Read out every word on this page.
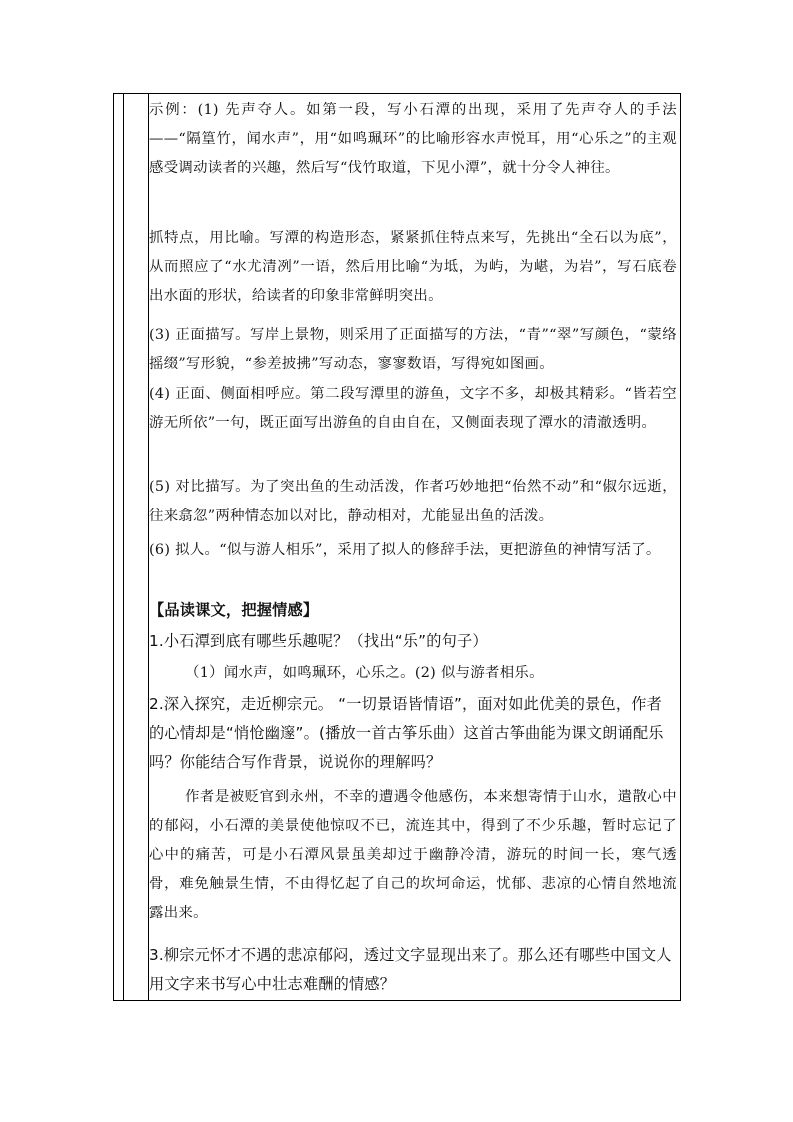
示例：(1) 先声夺人。如第一段，写小石潭的出现，采用了先声夺人的手法——“隔篁竹，闻水声”，用“如鸣珮环”的比喻形容水声悦耳，用“心乐之”的主观感受调动读者的兴趣，然后写“伐竹取道，下见小潭”，就十分令人神往。

抓特点，用比喻。写潭的构造形态，紧紧抓住特点来写，先挑出“全石以为底”，从而照应了“水尤清冽”一语，然后用比喻“为坻，为屿，为嵁，为岩”，写石底卷出水面的形状，给读者的印象非常鲜明突出。

(3) 正面描写。写岸上景物，则采用了正面描写的方法，“青”“翠”写颜色，“蒙络摇缀”写形貌，“参差披拂”写动态，寥寥数语，写得宛如图画。

(4) 正面、侧面相呼应。第二段写潭里的游鱼，文字不多，却极其精彩。“皆若空游无所依”一句，既正面写出游鱼的自由自在，又侧面表现了潭水的清澈透明。

(5) 对比描写。为了突出鱼的生动活泼，作者巧妙地把“佁然不动”和“俶尔远逝，往来翕忽”两种情态加以对比，静动相对，尤能显出鱼的活泼。

(6) 拟人。“似与游人相乐”，采用了拟人的修辞手法，更把游鱼的神情写活了。

【品读课文，把握情感】

1.小石潭到底有哪些乐趣呢？（找出“乐”的句子）

（1）闻水声，如鸣珮环，心乐之。(2) 似与游者相乐。

2.深入探究，走近柳宗元。 “一切景语皆情语”，面对如此优美的景色，作者的心情却是“悄怆幽邃”。(播放一首古筝乐曲）这首古筝曲能为课文朗诵配乐吗？你能结合写作背景，说说你的理解吗？

作者是被贬官到永州，不幸的遭遇令他感伤，本来想寄情于山水，遣散心中的郁闷，小石潭的美景使他惊叹不已，流连其中，得到了不少乐趣，暂时忘记了心中的痛苦，可是小石潭风景虽美却过于幽静冷清，游玩的时间一长，寒气透骨，难免触景生情，不由得忆起了自己的坎坷命运，忧郁、悲凉的心情自然地流露出来。

3.柳宗元怀才不遇的悲凉郁闷，透过文字显现出来了。那么还有哪些中国文人用文字来书写心中壮志难酬的情感？
